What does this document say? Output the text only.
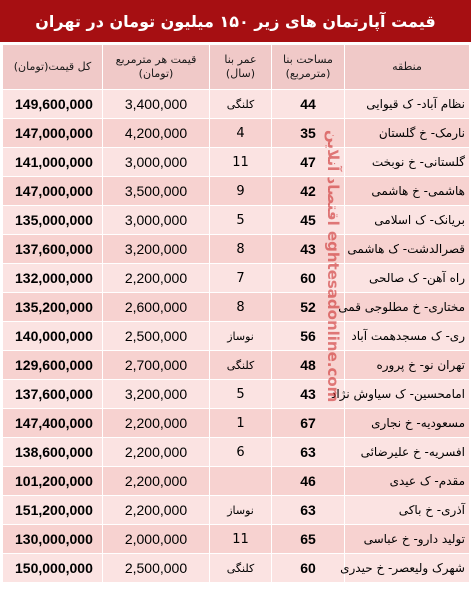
قیمت آپارتمان های زیر ۱۵۰ میلیون تومان در تهران
منطقه	مساحت بنا (مترمربع)	عمر بنا (سال)	قیمت هر مترمربع (تومان)	کل قیمت(تومان)
نظام آباد- ک قیوایی	44	کلنگی	3,400,000	149,600,000
نارمک- خ گلستان	35	4	4,200,000	147,000,000
گلستانی- خ نوبخت	47	11	3,000,000	141,000,000
هاشمی- خ هاشمی	42	9	3,500,000	147,000,000
بریانک- ک اسلامی	45	5	3,000,000	135,000,000
قصرالدشت- ک هاشمی	43	8	3,200,000	137,600,000
راه آهن- ک صالحی	60	7	2,200,000	132,000,000
مختاری- خ مطلوجی قمی	52	8	2,600,000	135,200,000
ری- ک مسجدهمت آباد	56	نوساز	2,500,000	140,000,000
تهران نو- خ پروره	48	کلنگی	2,700,000	129,600,000
امامحسین- ک سیاوش نژاد	43	5	3,200,000	137,600,000
مسعودیه- خ نجاری	67	1	2,200,000	147,400,000
افسریه- خ علیرضائی	63	6	2,200,000	138,600,000
مقدم- ک عیدی	46		2,200,000	101,200,000
آذری- خ باکی	63	نوساز	2,200,000	151,200,000
تولید دارو- خ عباسی	65	11	2,000,000	130,000,000
شهرک ولیعصر- خ حیدری	60	کلنگی	2,500,000	150,000,000
اقتصاد آنلاین eghtesadonline.com
